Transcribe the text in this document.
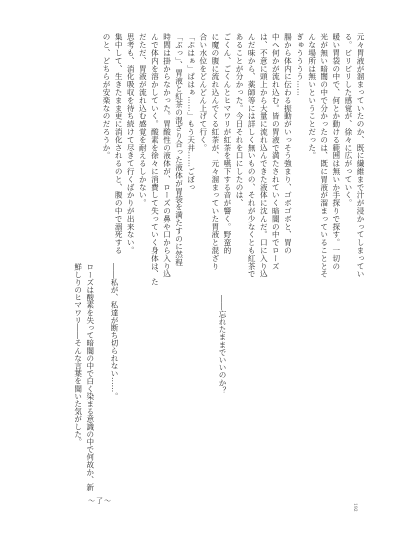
元々胃液が溜まっていたのか、既に繊維まで汁が浸かってしまってい

る。ビリビリした感覚が、徐々に広がっていく。

暖い胃袋の中で、何とか動ける範囲は無いか手探りで探す。一切の

光が無い暗闇の中で分かったのは、既に胃液が溜まっていることとそ

んな場所は無いということだった。

ぎゅうううう……

腸から体内に伝わる振動がいっそう強まり、ゴボゴボと、胃の

中へ何かが流れ込む。皆の胃液で満たされていく暗闇の中でローズ

は、不意に頭上から大量に流れ込んできた液体に沈んだ。口に入り込

んだ味から、薬師等には詳しく無いものの、それが少なくとも紅茶で

あることが分かった。今日それを口にしたのは、

ごくん、ごくんとヒマワリが紅茶を嚥下する音が響く。野蛮的

に魔の腹に流れ込んでくる紅茶が、元々溜まっていた胃液と混ざり

合い水位をどんどん上げて行く。

「ぷはぁ」ぱはぁ……」もう天井……ごぼっ

「ぶっ」、胃液と紅茶の混ざり合った液体が胃袋を満たすのに然程

時間は掛からなかった。胃酸性の液体が、ローズの鼻や口から入り込

んで体内を溶かしていく。酸素を徐々に消費して失っていく身体は、た

だただ、胃液が流れ込む感覚を耐えるしかない。

思考も、消化吸収を待ち続けて尽きて行くばかりが出来ない。

集中して、生きたまま更に消化されるのと、腹の中で溺死する

のと、どちらが安楽なのだろうか。

――忘れたままでいいのか？

――私が、私達が断ち切られない……。

ローズは酸素を失って暗闇の中で白く染まる意識の中で何故か、新

鮮しりのヒマワリ――そんな言葉を聞いた気がした。

～了～
192
